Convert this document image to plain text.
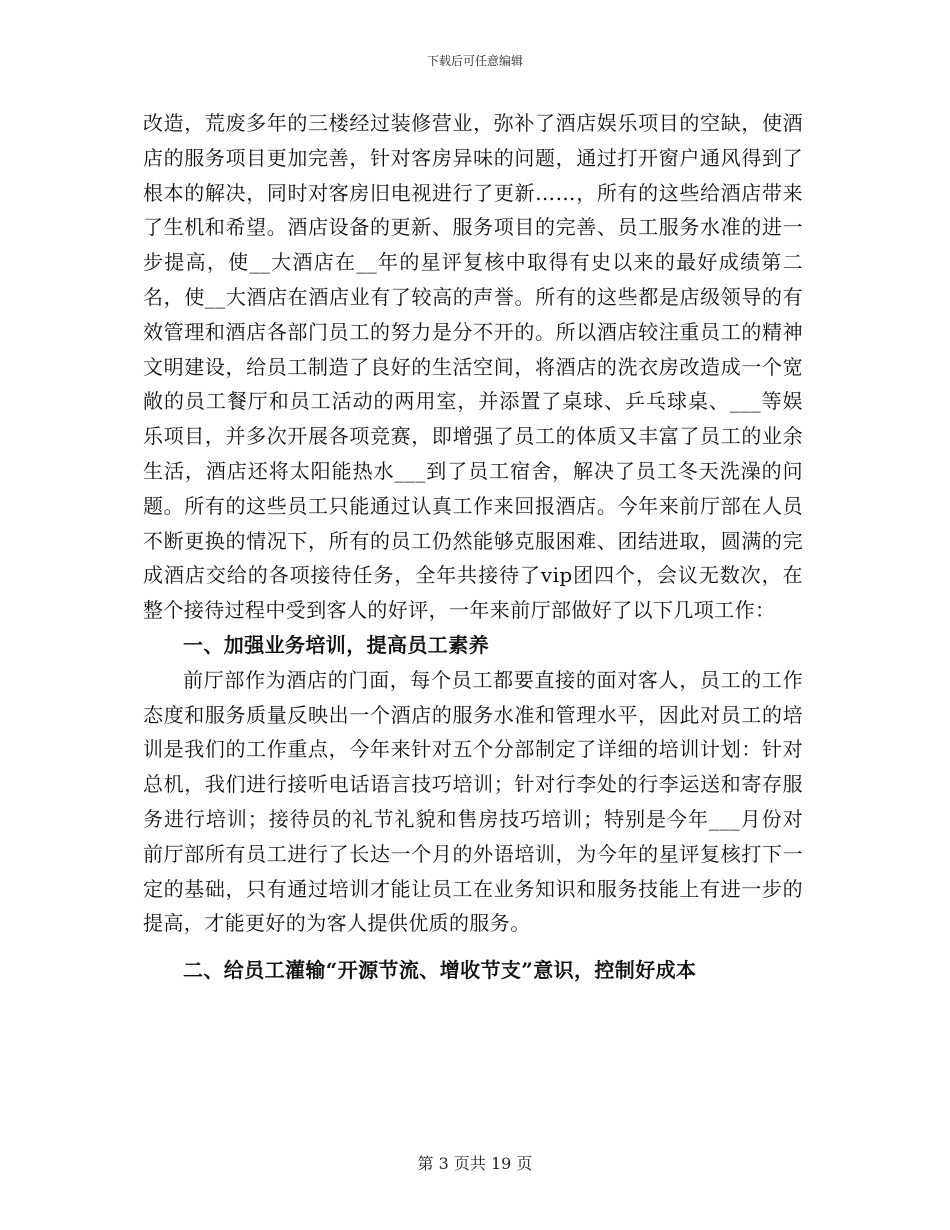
下载后可任意编辑

改造，荒废多年的三楼经过装修营业，弥补了酒店娱乐项目的空缺，使酒店的服务项目更加完善，针对客房异味的问题，通过打开窗户通风得到了根本的解决，同时对客房旧电视进行了更新……，所有的这些给酒店带来了生机和希望。酒店设备的更新、服务项目的完善、员工服务水准的进一步提高，使__大酒店在__年的星评复核中取得有史以来的最好成绩第二名，使__大酒店在酒店业有了较高的声誉。所有的这些都是店级领导的有效管理和酒店各部门员工的努力是分不开的。所以酒店较注重员工的精神文明建设，给员工制造了良好的生活空间，将酒店的洗衣房改造成一个宽敞的员工餐厅和员工活动的两用室，并添置了桌球、乒乓球桌、___等娱乐项目，并多次开展各项竞赛，即增强了员工的体质又丰富了员工的业余生活，酒店还将太阳能热水___到了员工宿舍，解决了员工冬天洗澡的问题。所有的这些员工只能通过认真工作来回报酒店。今年来前厅部在人员不断更换的情况下，所有的员工仍然能够克服困难、团结进取，圆满的完成酒店交给的各项接待任务，全年共接待了vip团四个，会议无数次，在整个接待过程中受到客人的好评，一年来前厅部做好了以下几项工作：

一、加强业务培训，提高员工素养

前厅部作为酒店的门面，每个员工都要直接的面对客人，员工的工作态度和服务质量反映出一个酒店的服务水准和管理水平，因此对员工的培训是我们的工作重点，今年来针对五个分部制定了详细的培训计划：针对总机，我们进行接听电话语言技巧培训；针对行李处的行李运送和寄存服务进行培训；接待员的礼节礼貌和售房技巧培训；特别是今年___月份对前厅部所有员工进行了长达一个月的外语培训，为今年的星评复核打下一定的基础，只有通过培训才能让员工在业务知识和服务技能上有进一步的提高，才能更好的为客人提供优质的服务。

二、给员工灌输“开源节流、增收节支”意识，控制好成本

第 3 页共 19 页
